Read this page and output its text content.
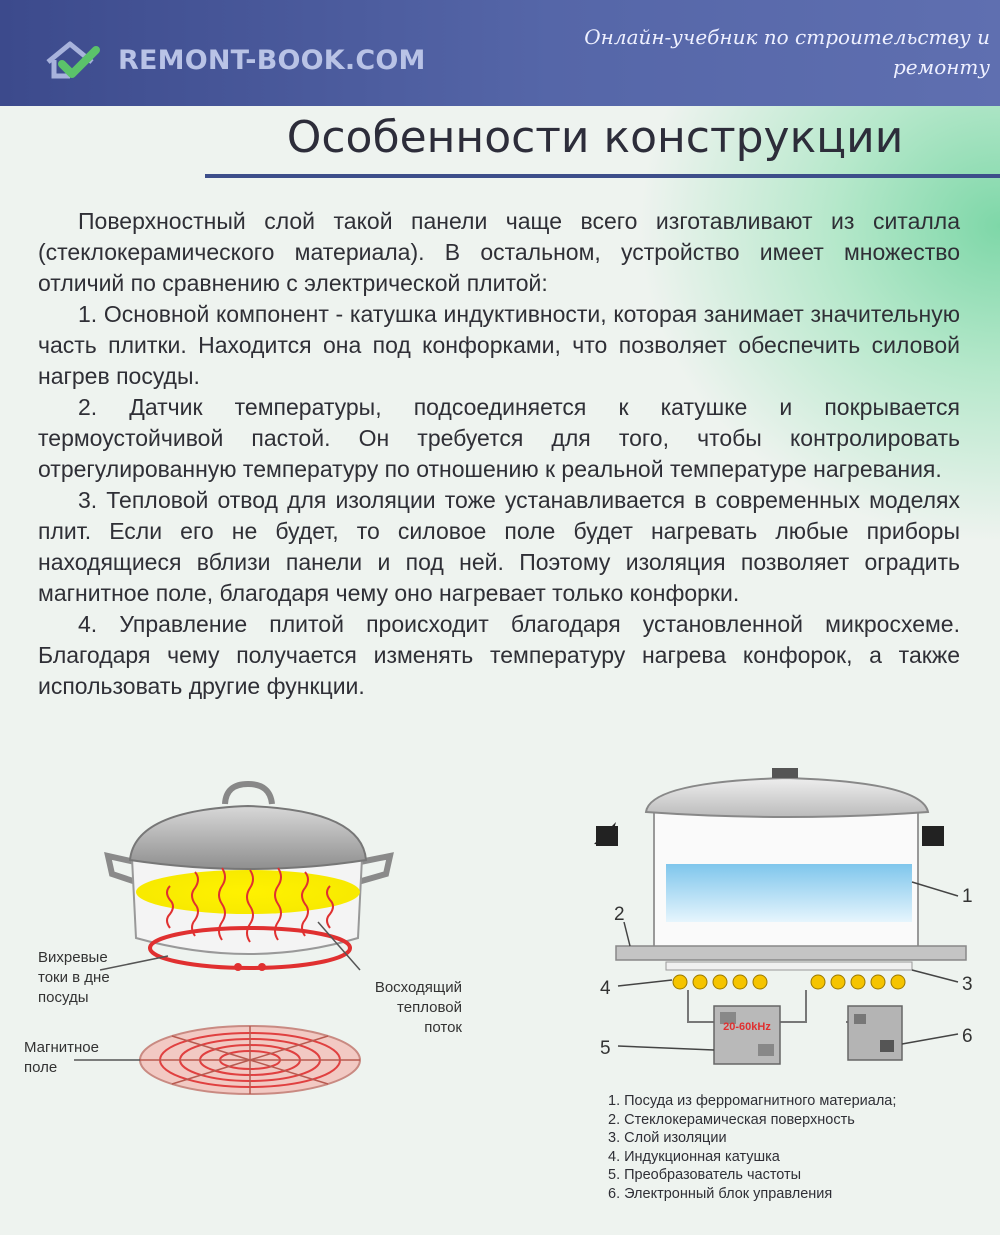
REMONT-BOOK.COM
Онлайн-учебник по строительству и ремонту
Особенности конструкции

Поверхностный слой такой панели чаще всего изготавливают из ситалла (стеклокерамического материала). В остальном, устройство имеет множество отличий по сравнению с электрической плитой:

1. Основной компонент - катушка индуктивности, которая занимает значительную часть плитки. Находится она под конфорками, что позволяет обеспечить силовой нагрев посуды.

2. Датчик температуры, подсоединяется к катушке и покрывается термоустойчивой пастой. Он требуется для того, чтобы контролировать отрегулированную температуру по отношению к реальной температуре нагревания.

3. Тепловой отвод для изоляции тоже устанавливается в современных моделях плит. Если его не будет, то силовое поле будет нагревать любые приборы находящиеся вблизи панели и под ней. Поэтому изоляция позволяет оградить магнитное поле, благодаря чему оно нагревает только конфорки.

4. Управление плитой происходит благодаря установленной микросхеме. Благодаря чему получается изменять температуру нагрева конфорок, а также использовать другие функции.

Вихревые
токи в дне
посуды
Восходящий
тепловой
поток
Магнитное
поле
20-60kHz
1
2
3
4
5
6
1. Посуда из ферромагнитного материала;
2. Стеклокерамическая поверхность
3. Слой изоляции
4. Индукционная катушка
5. Преобразователь частоты
6. Электронный блок управления
